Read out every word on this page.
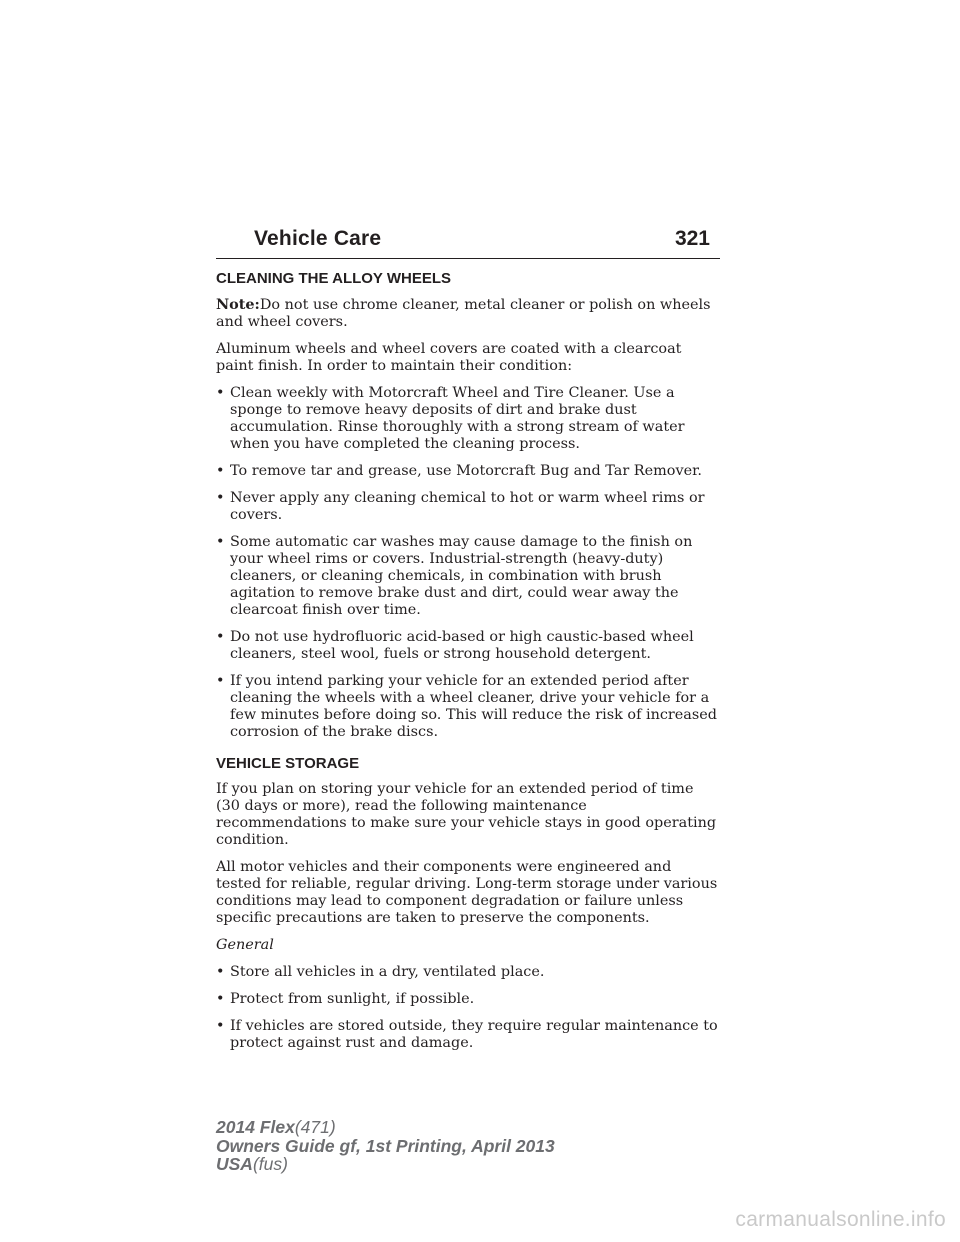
Vehicle Care	321
CLEANING THE ALLOY WHEELS

Note:Do not use chrome cleaner, metal cleaner or polish on wheels and wheel covers.

Aluminum wheels and wheel covers are coated with a clearcoat paint finish. In order to maintain their condition:

• Clean weekly with Motorcraft Wheel and Tire Cleaner. Use a sponge to remove heavy deposits of dirt and brake dust accumulation. Rinse thoroughly with a strong stream of water when you have completed the cleaning process.
• To remove tar and grease, use Motorcraft Bug and Tar Remover.
• Never apply any cleaning chemical to hot or warm wheel rims or covers.
• Some automatic car washes may cause damage to the finish on your wheel rims or covers. Industrial-strength (heavy-duty) cleaners, or cleaning chemicals, in combination with brush agitation to remove brake dust and dirt, could wear away the clearcoat finish over time.
• Do not use hydrofluoric acid-based or high caustic-based wheel cleaners, steel wool, fuels or strong household detergent.
• If you intend parking your vehicle for an extended period after cleaning the wheels with a wheel cleaner, drive your vehicle for a few minutes before doing so. This will reduce the risk of increased corrosion of the brake discs.
VEHICLE STORAGE

If you plan on storing your vehicle for an extended period of time (30 days or more), read the following maintenance recommendations to make sure your vehicle stays in good operating condition.

All motor vehicles and their components were engineered and tested for reliable, regular driving. Long-term storage under various conditions may lead to component degradation or failure unless specific precautions are taken to preserve the components.

General

• Store all vehicles in a dry, ventilated place.
• Protect from sunlight, if possible.
• If vehicles are stored outside, they require regular maintenance to protect against rust and damage.
2014 Flex(471)
Owners Guide gf, 1st Printing, April 2013
USA(fus)
carmanualsonline.info
